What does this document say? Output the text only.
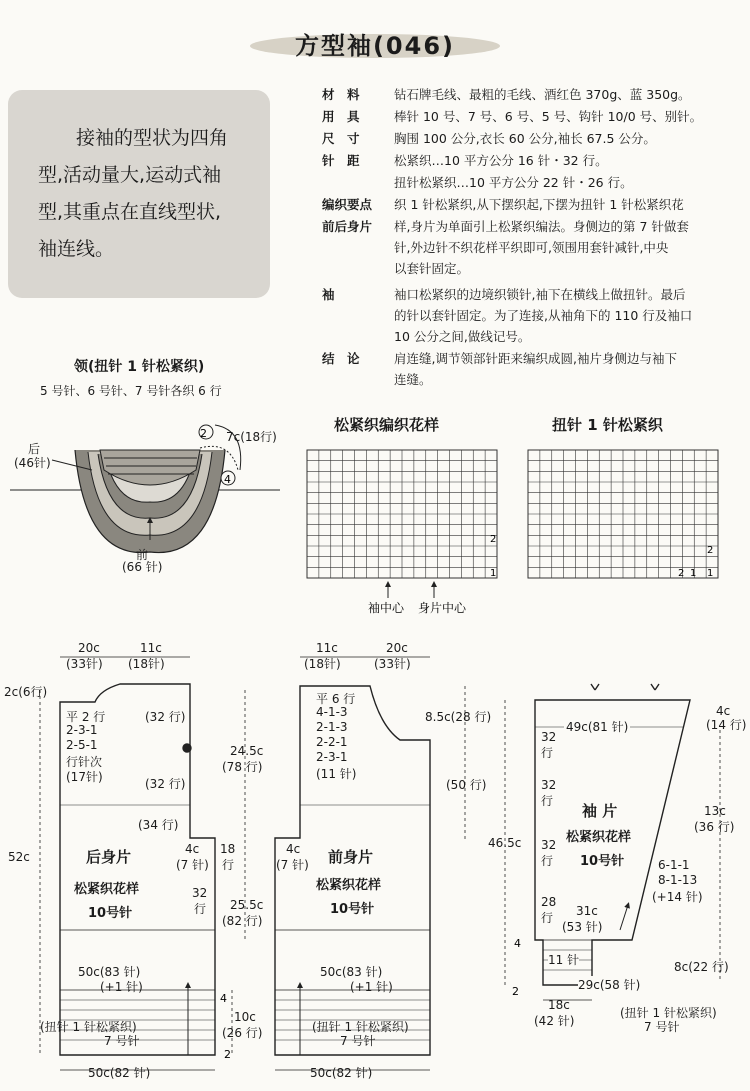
方型袖(046)
接袖的型状为四角
型,活动量大,运动式袖
型,其重点在直线型状,
袖连线。
材　料	钻石牌毛线、最粗的毛线、酒红色 370g、蓝 350g。
用　具	棒针 10 号、7 号、6 号、5 号、钩针 10/0 号、别针。
尺　寸	胸围 100 公分,衣长 60 公分,袖长 67.5 公分。
针　距	松紧织…10 平方公分 16 针・32 行。
扭针松紧织…10 平方公分 22 针・26 行。
编织要点	织 1 针松紧织,从下摆织起,下摆为扭针 1 针松紧织花
前后身片	样,身片为单面引上松紧织编法。身侧边的第 7 针做套
针,外边针不织花样平织即可,领围用套针减针,中央
以套针固定。

袖	袖口松紧织的边境织锁针,袖下在横线上做扭针。最后
的针以套针固定。为了连接,从袖角下的 110 行及袖口
10 公分之间,做线记号。
结　论	肩连缝,调节领部针距来编织成圆,袖片身侧边与袖下
连缝。
领(扭针 1 针松紧织)
5 号针、6 号针、7 号针各织 6 行
松紧织编织花样	扭针 1 针松紧织
2
4
2
1
袖中心 身片中心
2
1
2 1
4
2
4
2
后
(46针)
7c(18行)
前
(66 针)
20c
(33针)
11c
(18针)
2c(6行)
平 2 行
2-3-1
2-5-1
行针次
(17针)
(32 行)
(32 行)
(34 行)
24.5c
(78 行)
52c
4c
(7 针)
18
行
32
行 25.5c
(82 行)
后身片
松紧织花样
10号针
50c(83 针)
(+1 针)
(扭针 1 针松紧织)
7 号针
10c
(26 行)
50c(82 针)
11c
(18针)
20c
(33针)
平 6 行
4-1-3
2-1-3
2-2-1
2-3-1
(11 针)
8.5c(28 行)
(50 行)
4c
(7 针) 前身片
松紧织花样
10号针
50c(83 针)
(+1 针)
(扭针 1 针松紧织)
7 号针
50c(82 针)
49c(81 针)
4c
(14 行)
46.5c
32
行
32
行
32
行
28
行
袖 片
松紧织花样
10号针
13c
(36 行)
6-1-1
8-1-13
(+14 针)
31c
(53 针)
11 针
29c(58 针)
8c(22 行)
18c
(42 针)
(扭针 1 针松紧织)
7 号针
